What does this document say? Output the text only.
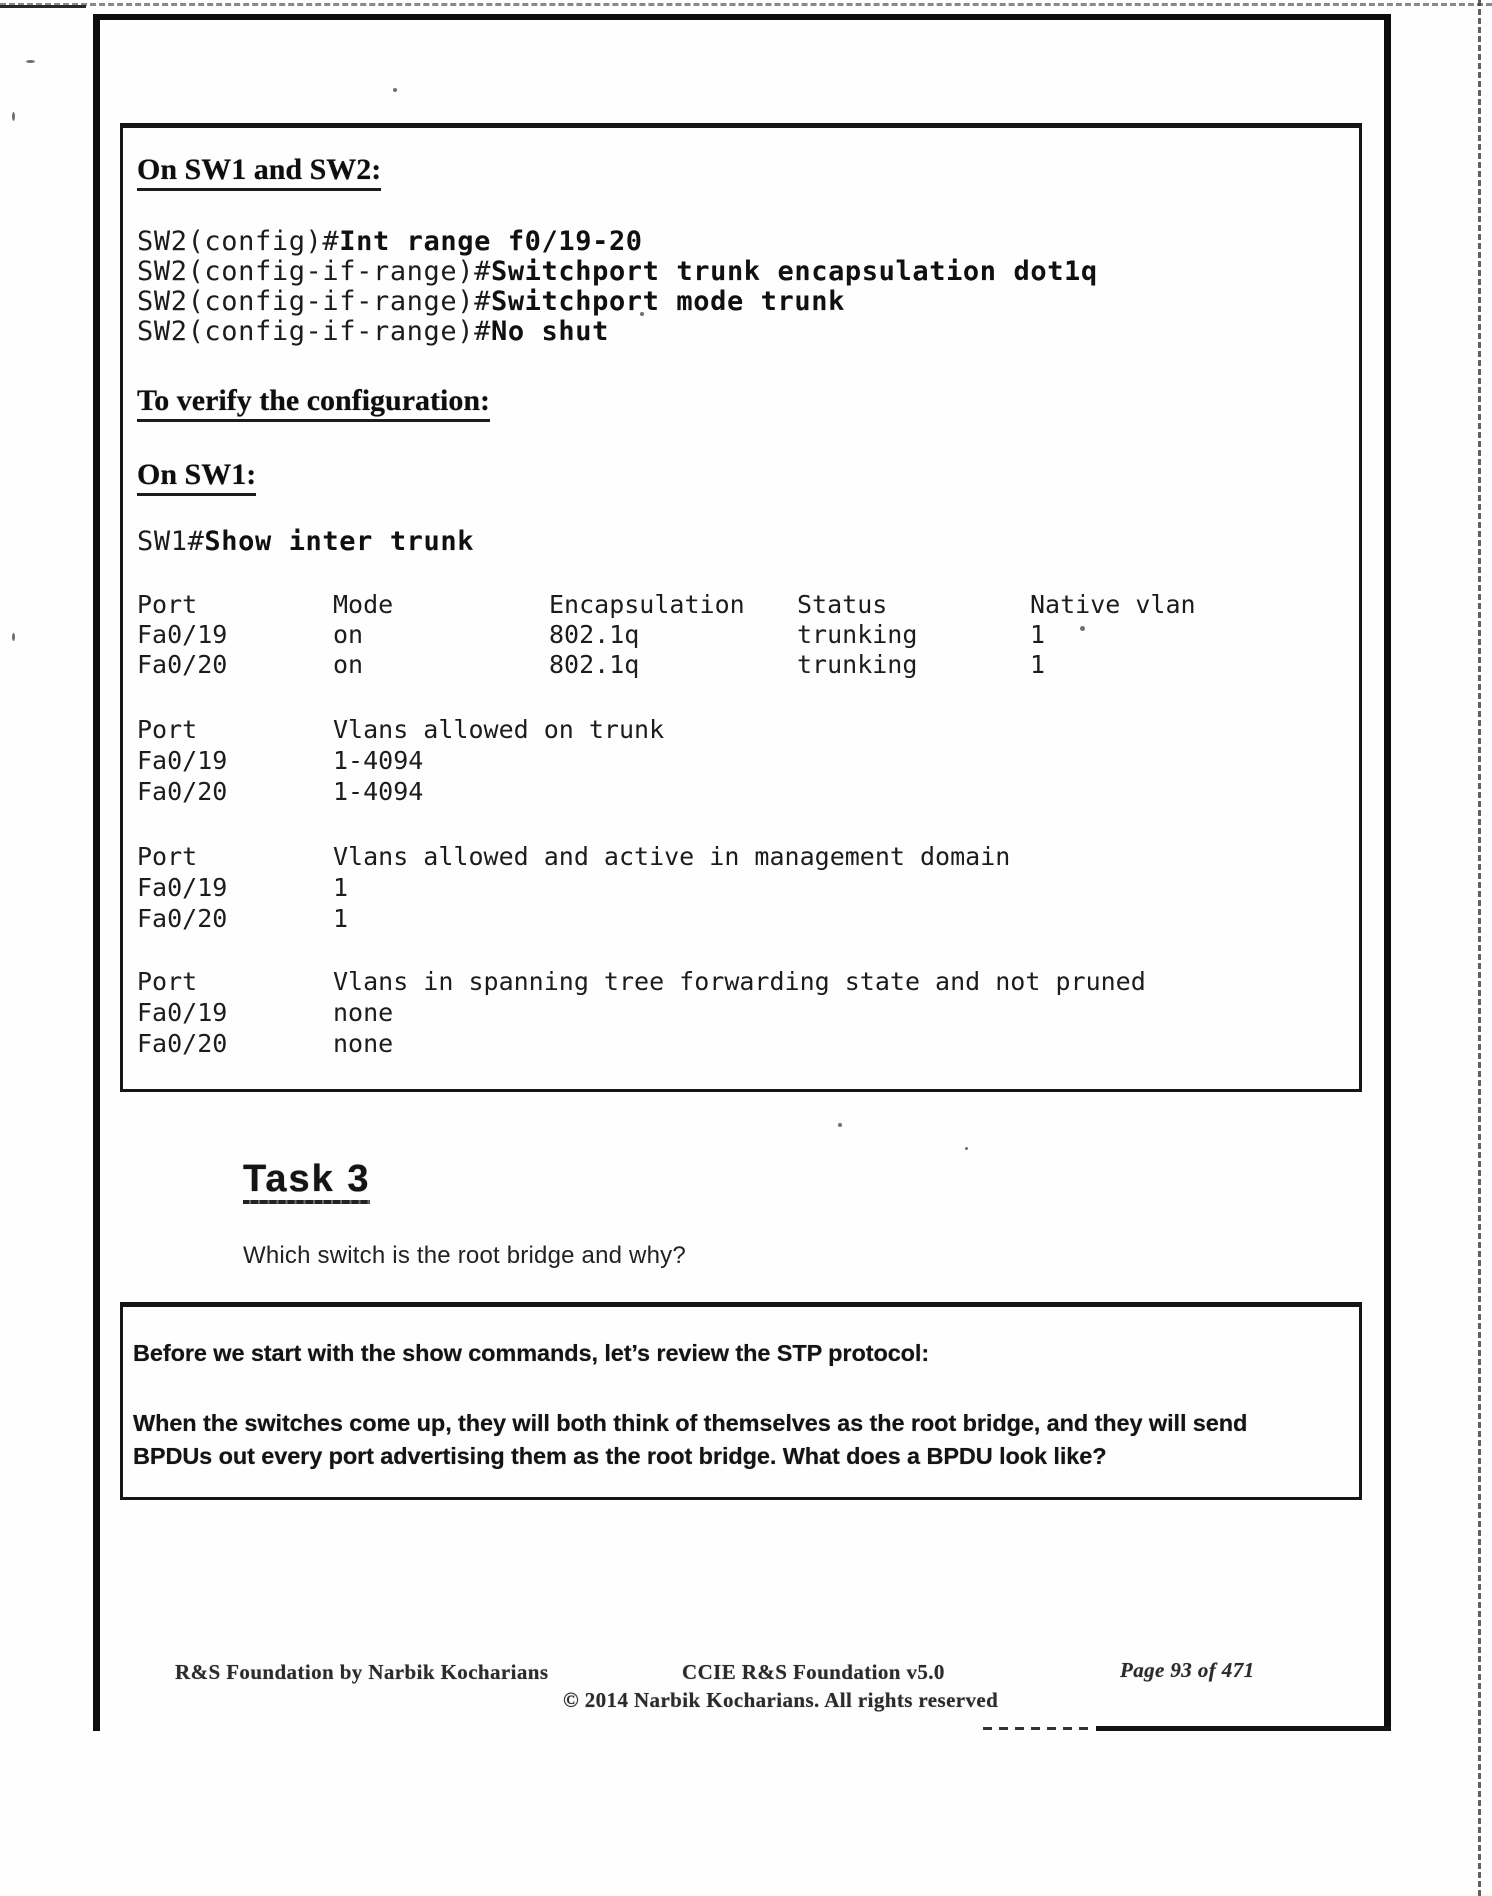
On SW1 and SW2:
SW2(config)#Int range f0/19-20
SW2(config-if-range)#Switchport trunk encapsulation dot1q
SW2(config-if-range)#Switchport mode trunk
SW2(config-if-range)#No shut
To verify the configuration:
On SW1:
SW1#Show inter trunk
Port	Mode	Encapsulation Status	Native vlan
Fa0/19	on	802.1q	trunking	1
Fa0/20	on	802.1q	trunking	1
Port	Vlans allowed on trunk
Fa0/19	1-4094
Fa0/20	1-4094
Port	Vlans allowed and active in management domain
Fa0/19	1
Fa0/20	1
Port	Vlans in spanning tree forwarding state and not pruned
Fa0/19	none
Fa0/20	none
Task 3
Which switch is the root bridge and why?
Before we start with the show commands, let’s review the STP protocol:
When the switches come up, they will both think of themselves as the root bridge, and they will send
BPDUs out every port advertising them as the root bridge. What does a BPDU look like?
R&S Foundation by Narbik Kocharians	CCIE R&S Foundation v5.0	Page 93 of 471
© 2014 Narbik Kocharians. All rights reserved
